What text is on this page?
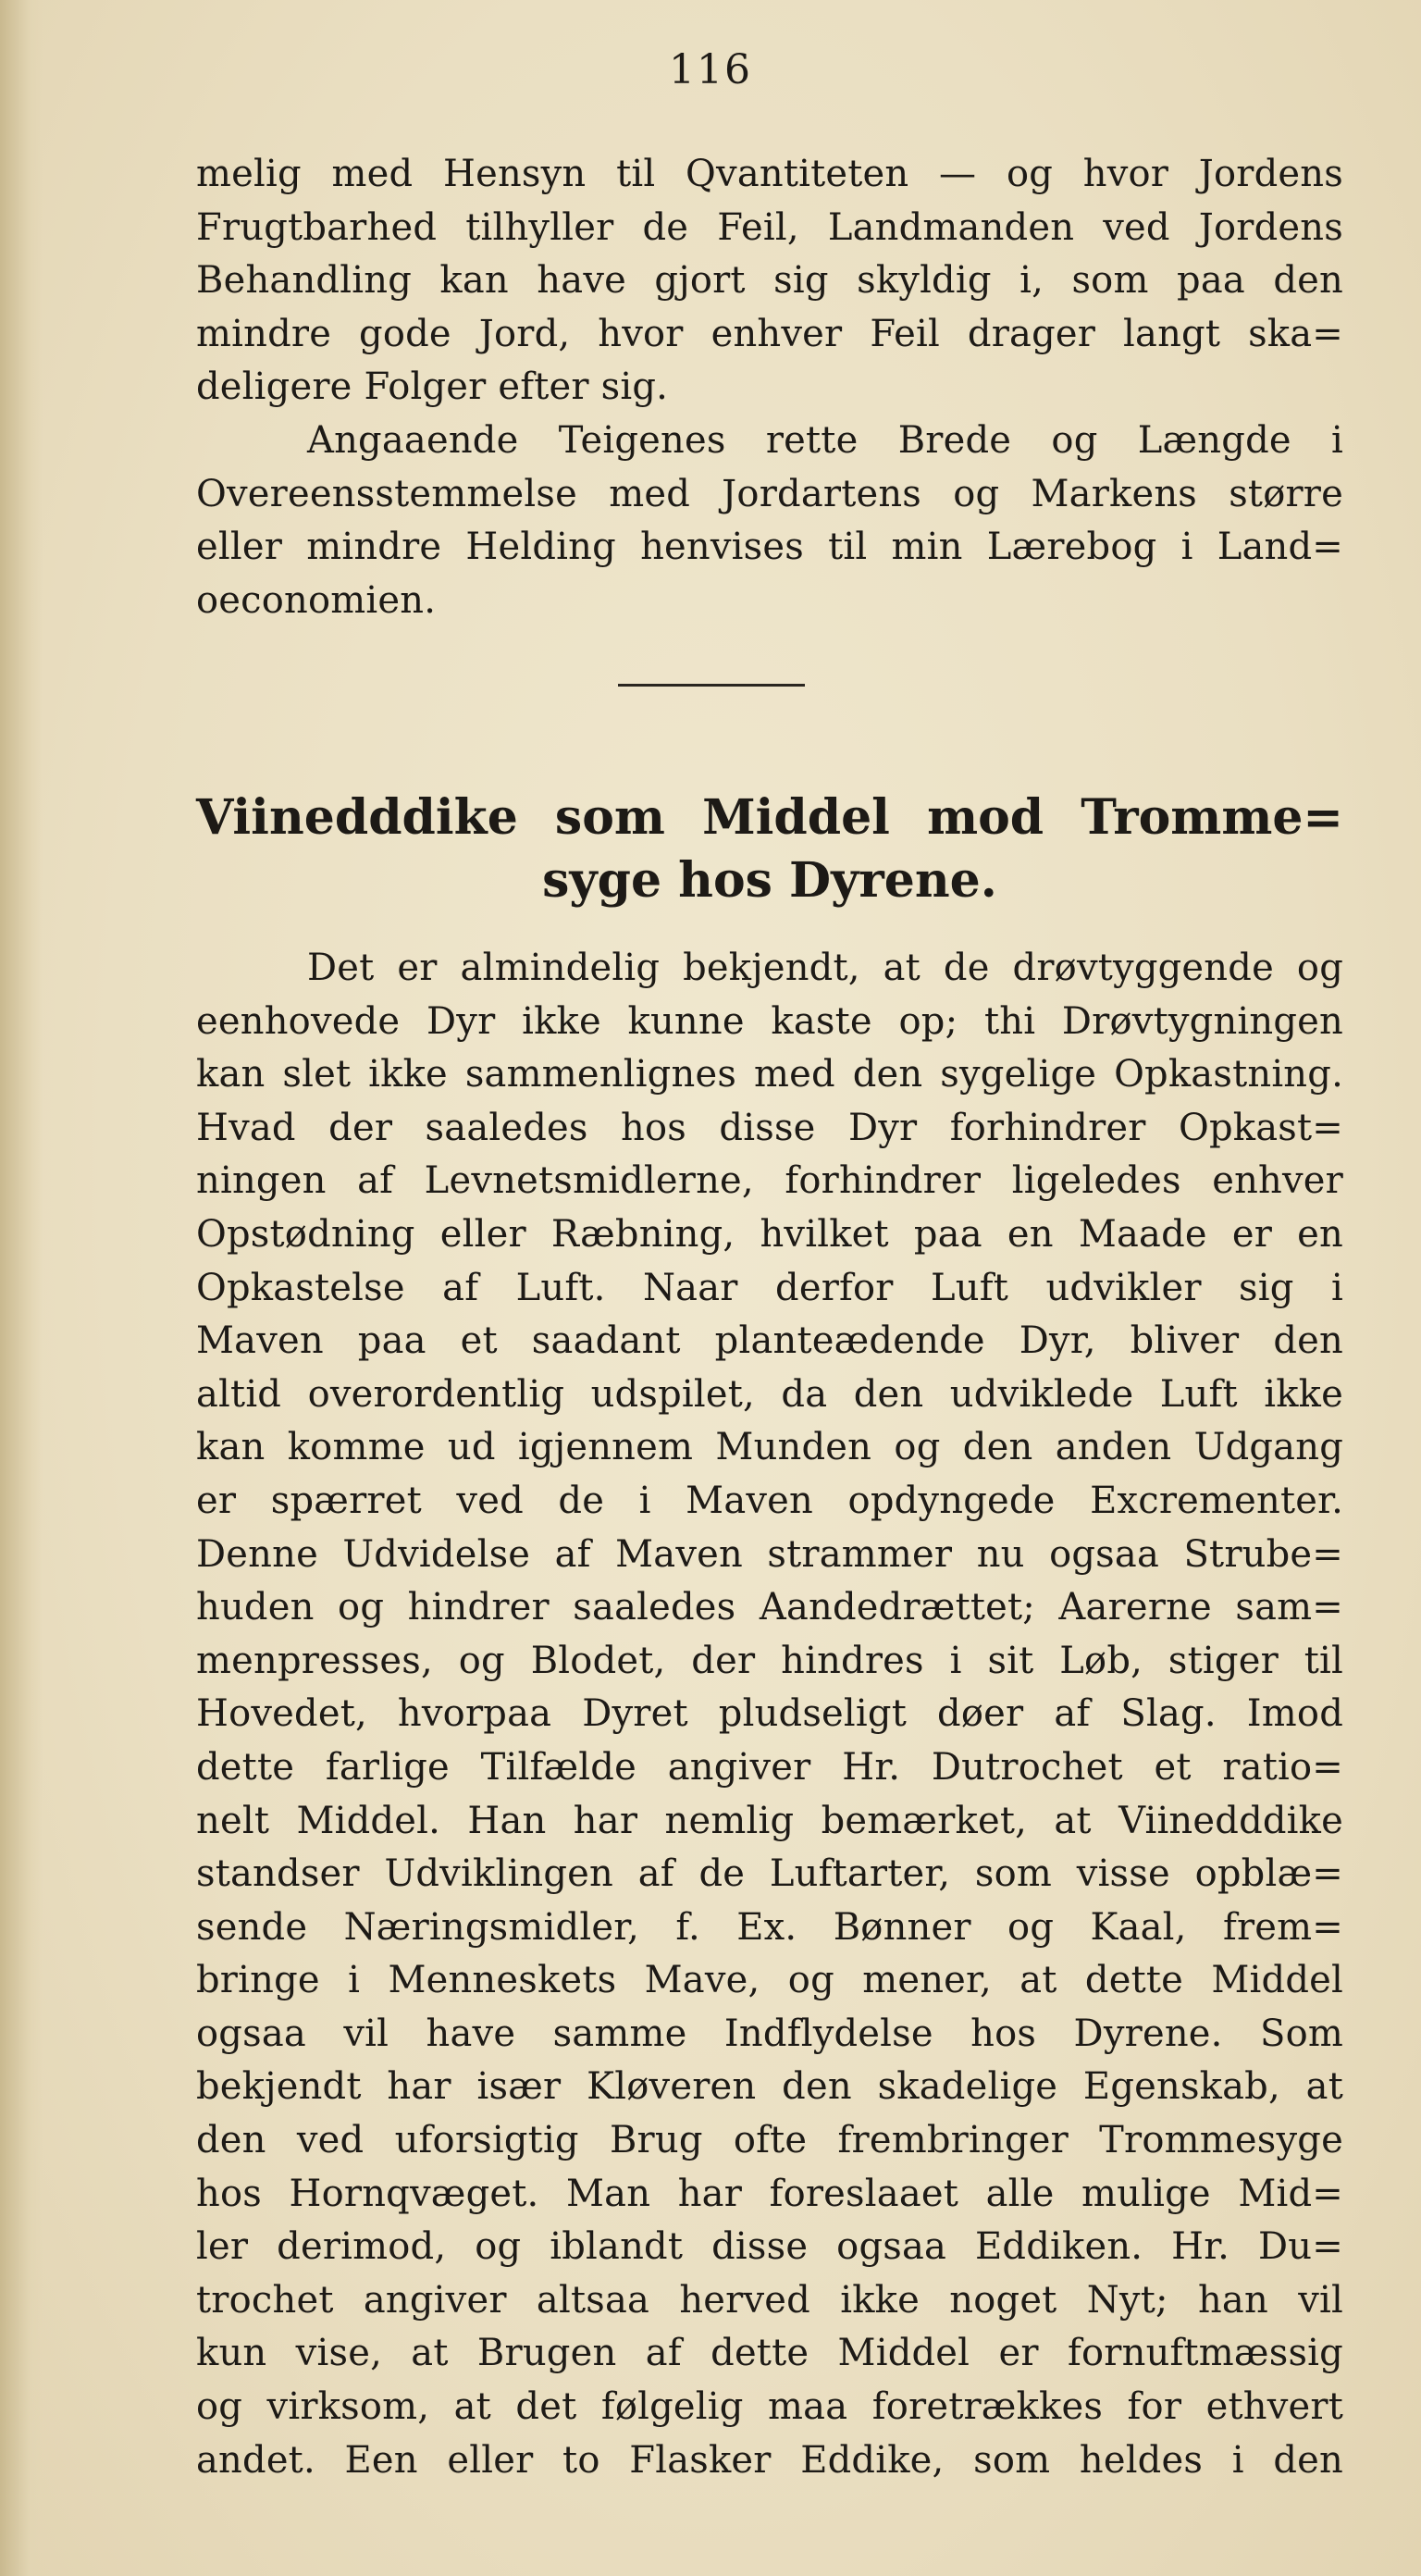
116
melig med Hensyn til Qvantiteten — og hvor Jordens
Frugtbarhed tilhyller de Feil, Landmanden ved Jordens
Behandling kan have gjort sig skyldig i, som paa den
mindre gode Jord, hvor enhver Feil drager langt ska=
deligere Folger efter sig.
Angaaende Teigenes rette Brede og Længde i
Overeensstemmelse med Jordartens og Markens større
eller mindre Helding henvises til min Lærebog i Land=
oeconomien.
Viinedddike som Middel mod Tromme=
syge hos Dyrene.
Det er almindelig bekjendt, at de drøvtyggende og
eenhovede Dyr ikke kunne kaste op; thi Drøvtygningen
kan slet ikke sammenlignes med den sygelige Opkastning.
Hvad der saaledes hos disse Dyr forhindrer Opkast=
ningen af Levnetsmidlerne, forhindrer ligeledes enhver
Opstødning eller Ræbning, hvilket paa en Maade er en
Opkastelse af Luft. Naar derfor Luft udvikler sig i
Maven paa et saadant planteædende Dyr, bliver den
altid overordentlig udspilet, da den udviklede Luft ikke
kan komme ud igjennem Munden og den anden Udgang
er spærret ved de i Maven opdyngede Excrementer.
Denne Udvidelse af Maven strammer nu ogsaa Strube=
huden og hindrer saaledes Aandedrættet; Aarerne sam=
menpresses, og Blodet, der hindres i sit Løb, stiger til
Hovedet, hvorpaa Dyret pludseligt døer af Slag. Imod
dette farlige Tilfælde angiver Hr. Dutrochet et ratio=
nelt Middel. Han har nemlig bemærket, at Viinedddike
standser Udviklingen af de Luftarter, som visse opblæ=
sende Næringsmidler, f. Ex. Bønner og Kaal, frem=
bringe i Menneskets Mave, og mener, at dette Middel
ogsaa vil have samme Indflydelse hos Dyrene. Som
bekjendt har især Kløveren den skadelige Egenskab, at
den ved uforsigtig Brug ofte frembringer Trommesyge
hos Hornqvæget. Man har foreslaaet alle mulige Mid=
ler derimod, og iblandt disse ogsaa Eddiken. Hr. Du=
trochet angiver altsaa herved ikke noget Nyt; han vil
kun vise, at Brugen af dette Middel er fornuftmæssig
og virksom, at det følgelig maa foretrækkes for ethvert
andet. Een eller to Flasker Eddike, som heldes i den
